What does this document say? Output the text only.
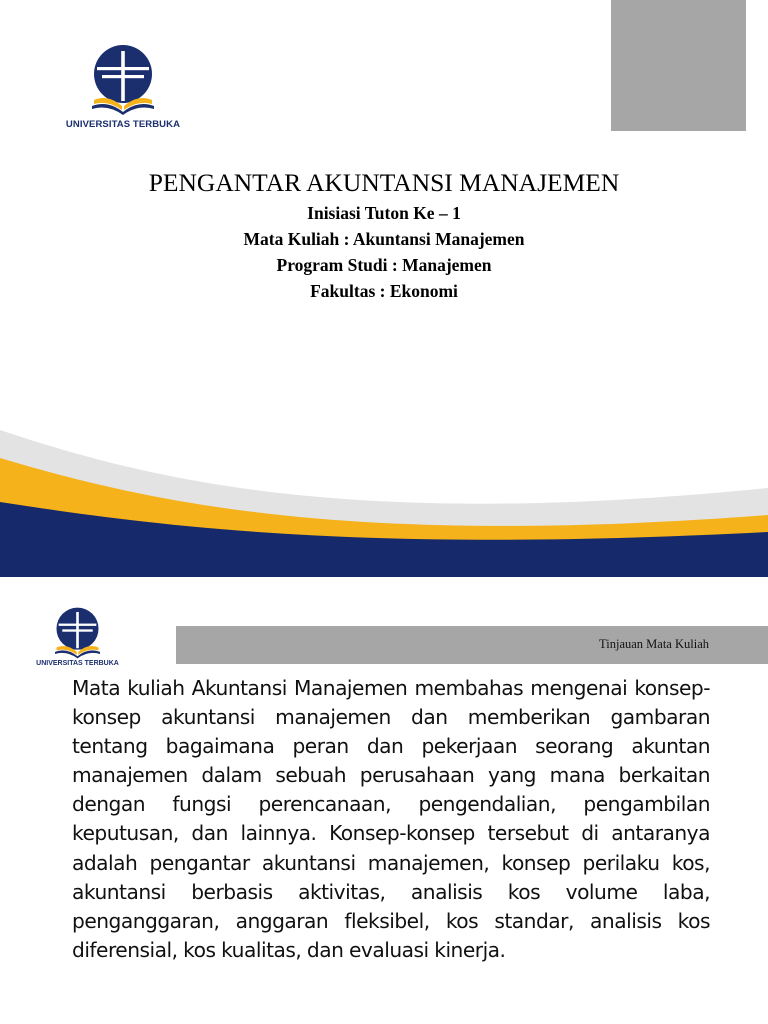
UNIVERSITAS TERBUKA
PENGANTAR AKUNTANSI MANAJEMEN
Inisiasi Tuton Ke – 1
Mata Kuliah : Akuntansi Manajemen
Program Studi : Manajemen
Fakultas : Ekonomi
UNIVERSITAS TERBUKA
Tinjauan Mata Kuliah

Mata kuliah Akuntansi Manajemen membahas mengenai konsep-konsep akuntansi manajemen dan memberikan gambaran tentang bagaimana peran dan pekerjaan seorang akuntan manajemen dalam sebuah perusahaan yang mana berkaitan dengan fungsi perencanaan, pengendalian, pengambilan keputusan, dan lainnya. Konsep-konsep tersebut di antaranya adalah pengantar akuntansi manajemen, konsep perilaku kos, akuntansi berbasis aktivitas, analisis kos volume laba, penganggaran, anggaran fleksibel, kos standar, analisis kos diferensial, kos kualitas, dan evaluasi kinerja.
